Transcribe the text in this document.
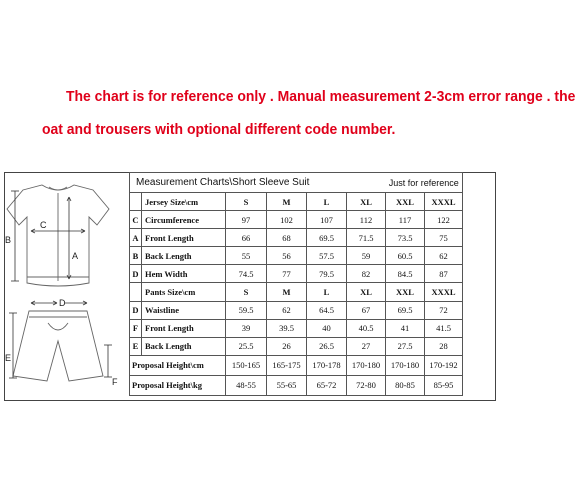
The chart is for reference only . Manual measurement 2-3cm error range . the
oat and trousers with optional different code number.
B
C
A
D
E
F
Measurement Charts\Short Sleeve Suit						Just for reference	
	Jersey Size\cm	S	M	L	XL	XXL	XXXL
C	Circumference	97	102	107	112	117	122
A	Front Length	66	68	69.5	71.5	73.5	75
B	Back Length	55	56	57.5	59	60.5	62
D	Hem Width	74.5	77	79.5	82	84.5	87
	Pants Size\cm	S	M	L	XL	XXL	XXXL
D	Waistline	59.5	62	64.5	67	69.5	72
F	Front Length	39	39.5	40	40.5	41	41.5
E	Back Length	25.5	26	26.5	27	27.5	28
Proposal Height\cm		150-165	165-175	170-178	170-180	170-180	170-192
Proposal Height\kg		48-55	55-65	65-72	72-80	80-85	85-95
